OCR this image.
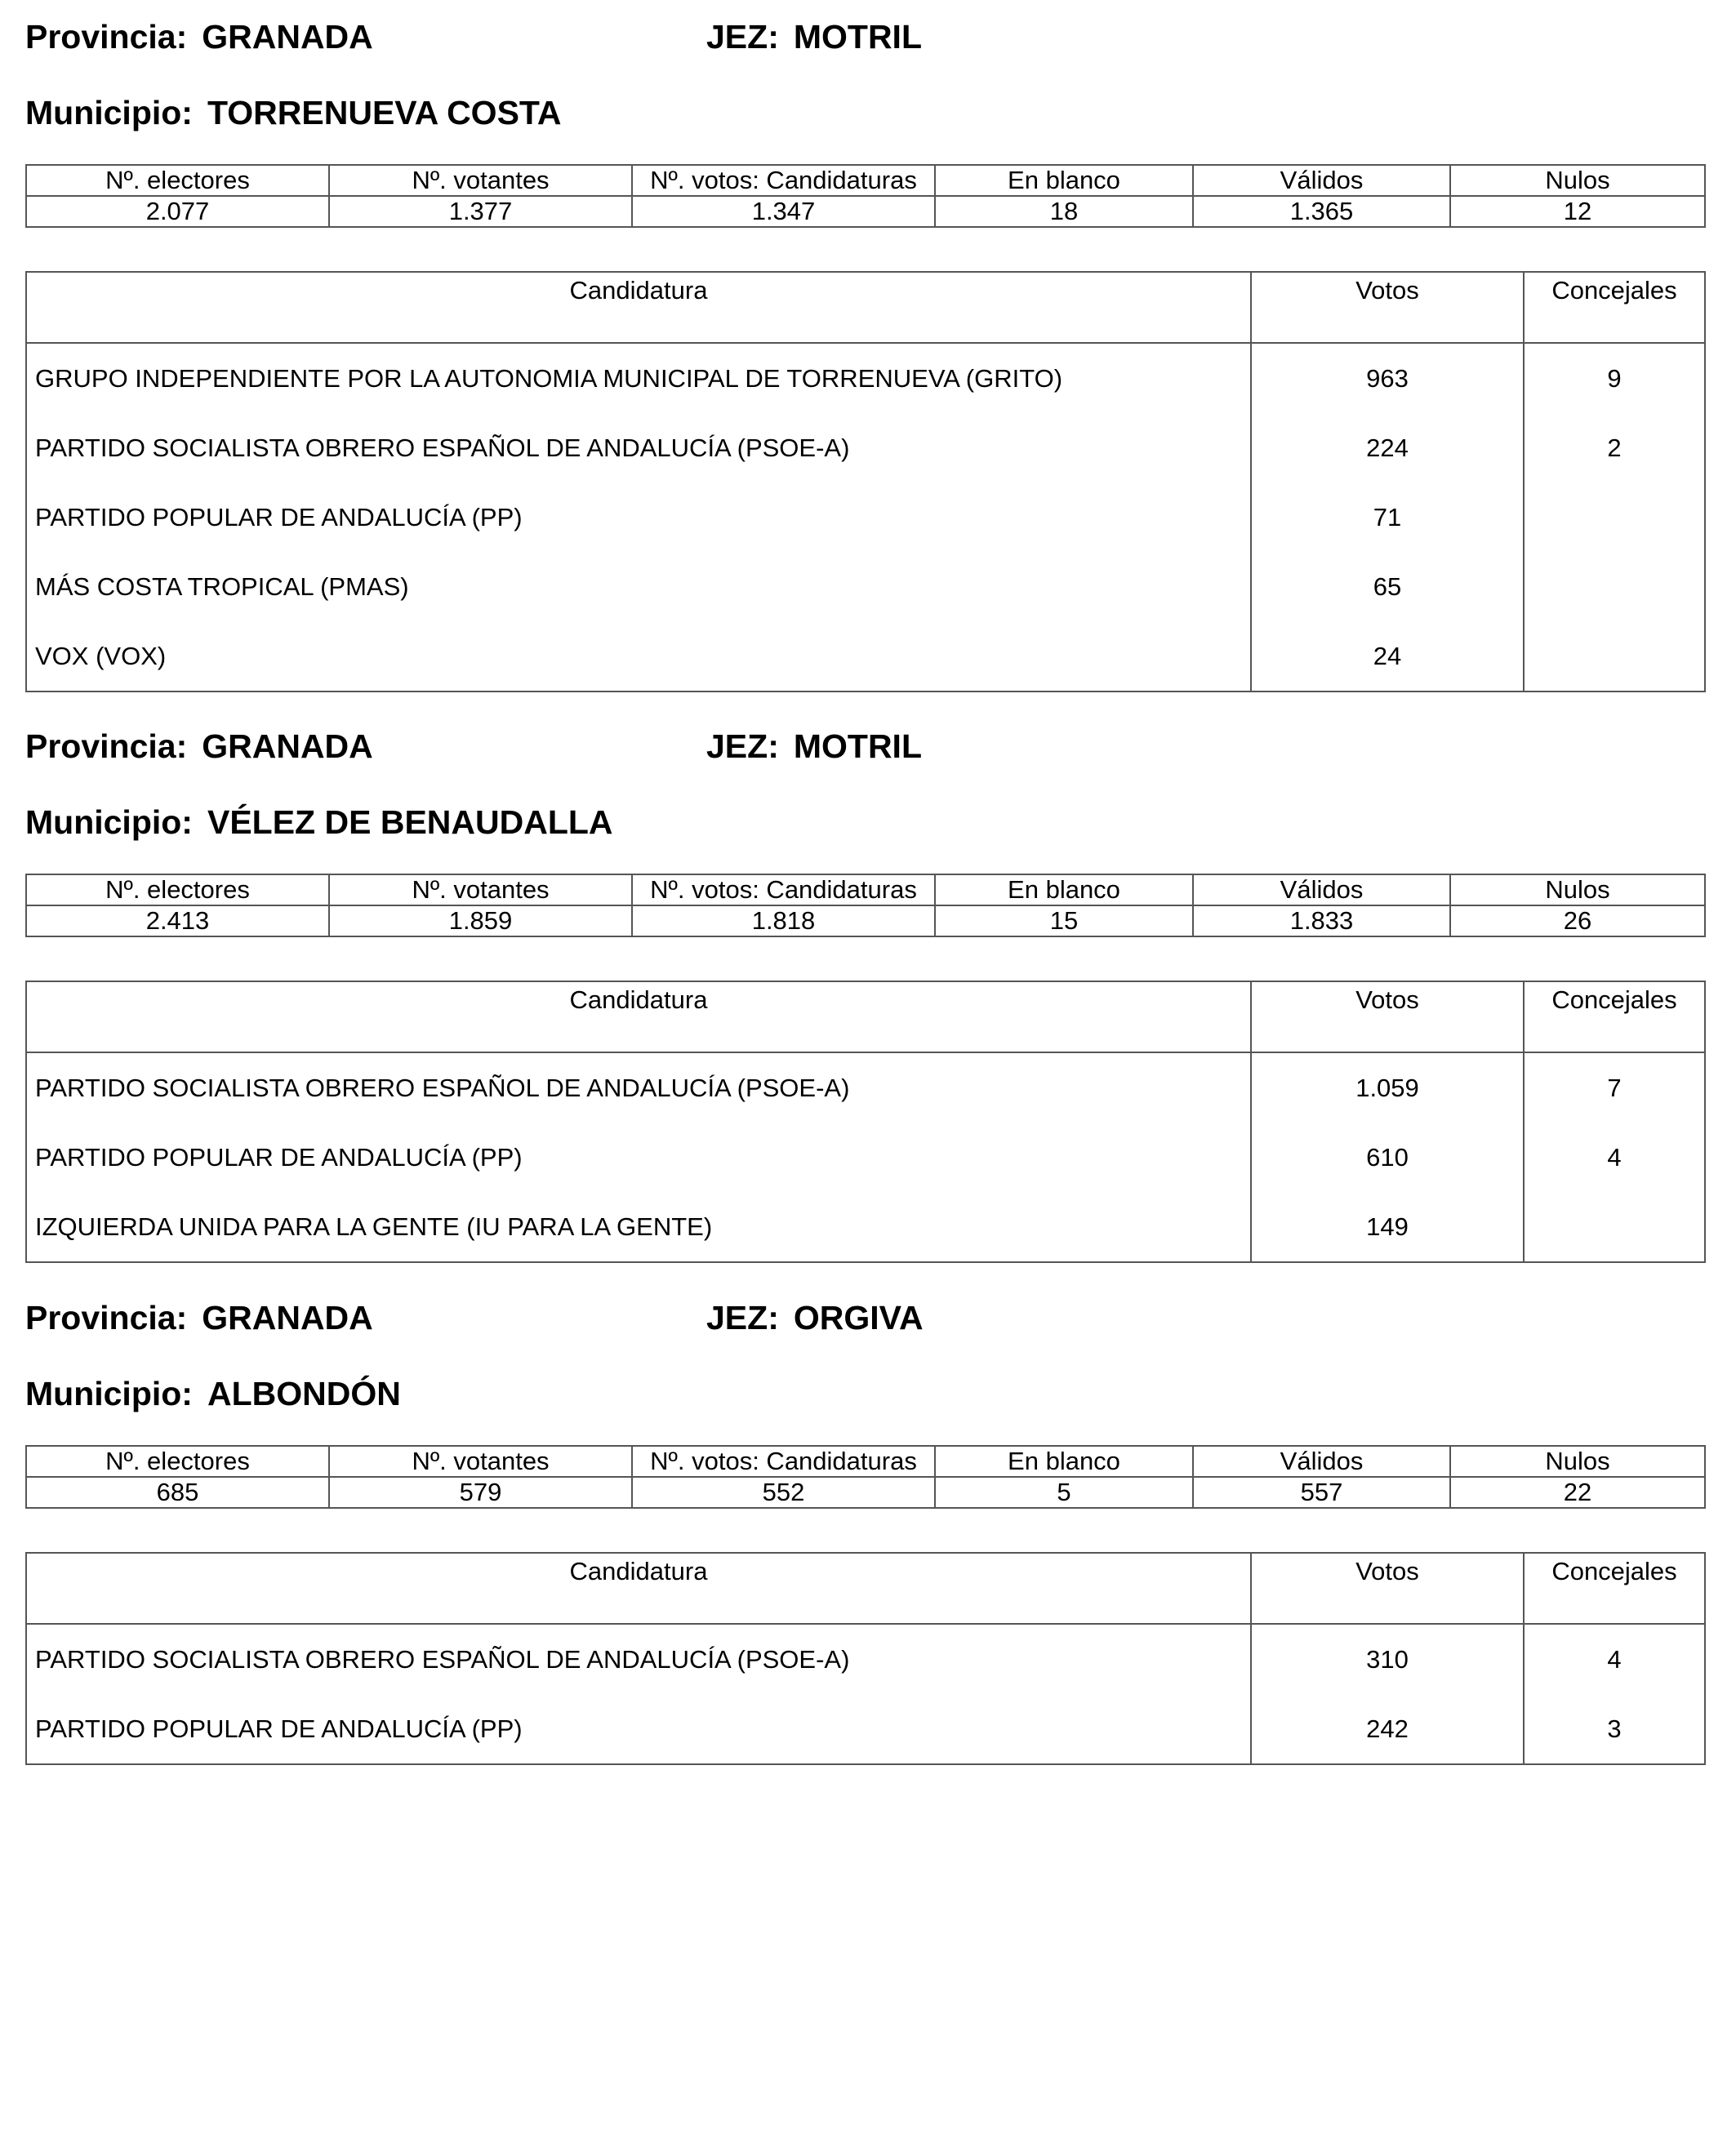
Provincia: GRANADA	JEZ: MOTRIL
Municipio: TORRENUEVA COSTA
Nº. electores	Nº. votantes	Nº. votos: Candidaturas	En blanco	Válidos	Nulos
2.077	1.377	1.347	18	1.365	12
Candidatura	Votos	Concejales
GRUPO INDEPENDIENTE POR LA AUTONOMIA MUNICIPAL DE TORRENUEVA (GRITO)	963	9
PARTIDO SOCIALISTA OBRERO ESPAÑOL DE ANDALUCÍA (PSOE-A)	224	2
PARTIDO POPULAR DE ANDALUCÍA (PP)	71	
MÁS COSTA TROPICAL (PMAS)	65	
VOX (VOX)	24	
Provincia: GRANADA	JEZ: MOTRIL
Municipio: VÉLEZ DE BENAUDALLA
Nº. electores	Nº. votantes	Nº. votos: Candidaturas	En blanco	Válidos	Nulos
2.413	1.859	1.818	15	1.833	26
Candidatura	Votos	Concejales
PARTIDO SOCIALISTA OBRERO ESPAÑOL DE ANDALUCÍA (PSOE-A)	1.059	7
PARTIDO POPULAR DE ANDALUCÍA (PP)	610	4
IZQUIERDA UNIDA PARA LA GENTE (IU PARA LA GENTE)	149	
Provincia: GRANADA	JEZ: ORGIVA
Municipio: ALBONDÓN
Nº. electores	Nº. votantes	Nº. votos: Candidaturas	En blanco	Válidos	Nulos
685	579	552	5	557	22
Candidatura	Votos	Concejales
PARTIDO SOCIALISTA OBRERO ESPAÑOL DE ANDALUCÍA (PSOE-A)	310	4
PARTIDO POPULAR DE ANDALUCÍA (PP)	242	3
